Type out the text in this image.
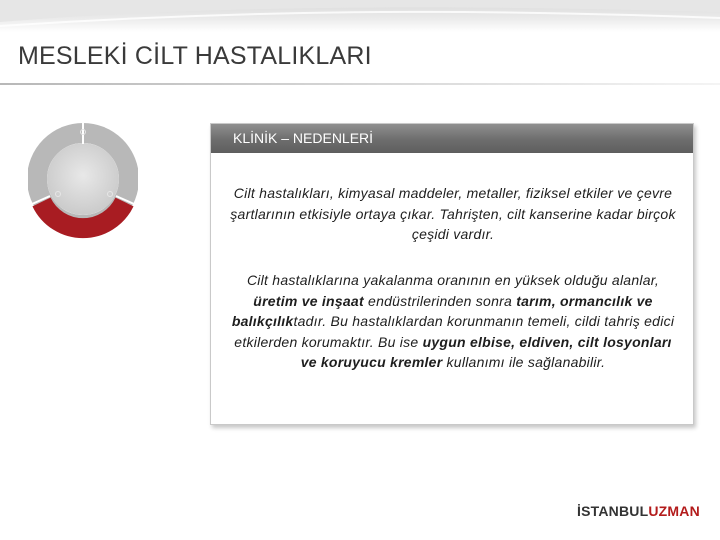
MESLEKİ CİLT HASTALIKLARI
KLİNİK – NEDENLERİ
Cilt hastalıkları, kimyasal maddeler, metaller, fiziksel etkiler ve çevre şartlarının etkisiyle ortaya çıkar. Tahrişten, cilt kanserine kadar birçok çeşidi vardır.
Cilt hastalıklarına yakalanma oranının en yüksek olduğu alanlar, üretim ve inşaat endüstrilerinden sonra tarım, ormancılık ve balıkçılıktadır. Bu hastalıklardan korunmanın temeli, cildi tahriş edici etkilerden korumaktır. Bu ise uygun elbise, eldiven, cilt losyonları ve koruyucu kremler kullanımı ile sağlanabilir.
İSTANBULUZMAN
